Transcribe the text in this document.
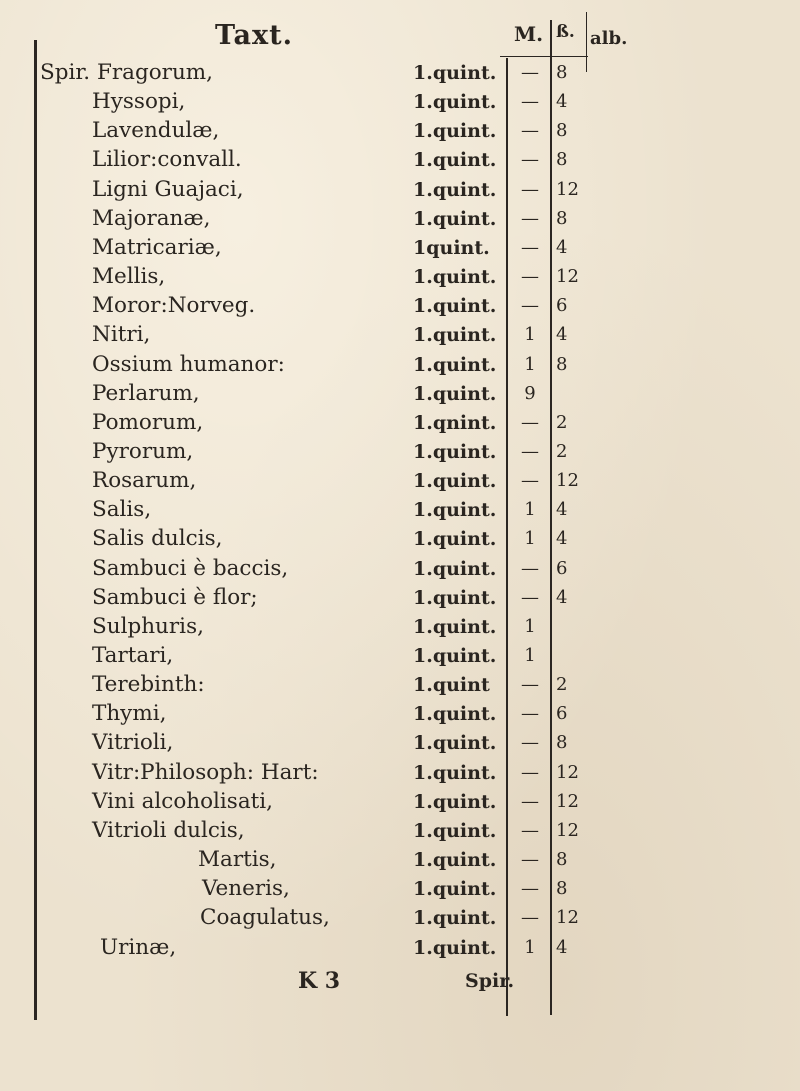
Taxt.	M. ß. alb.
Spir. Fragorum,	1.quint.	— 8
Hyssopi,	1.quint.	— 4
Lavendulæ,	1.quint.	— 8
Lilior:convall.	1.quint.	— 8
Ligni Guajaci,	1.quint.	— 12
Majoranæ,	1.quint.	— 8
Matricariæ,	1quint.	— 4
Mellis,	1.quint.	— 12
Moror:Norveg.	1.quint.	— 6
Nitri,	1.quint.	1	4
Ossium humanor:	1.quint.	1	8
Perlarum,	1.quint.	9
Pomorum,	1.qnint.	— 2
Pyrorum,	1.quint.	— 2
Rosarum,	1.quint.	— 12
Salis,	1.quint.	1	4
Salis dulcis,	1.quint.	1	4
Sambuci è baccis,	1.quint.	— 6
Sambuci è flor;	1.quint.	— 4
Sulphuris,	1.quint.	1
Tartari,	1.quint.	1
Terebinth:	1.quint	— 2
Thymi,	1.quint.	— 6
Vitrioli,	1.quint.	— 8
Vitr:Philosoph: Hart:	1.quint.	— 12
Vini alcoholisati,	1.quint.	— 12
Vitrioli dulcis,	1.quint.	— 12
Martis,	1.quint.	— 8
Veneris,	1.quint.	— 8
Coagulatus,	1.quint.	— 12
Urinæ,	1.quint.	1	4
K 3	Spir.
